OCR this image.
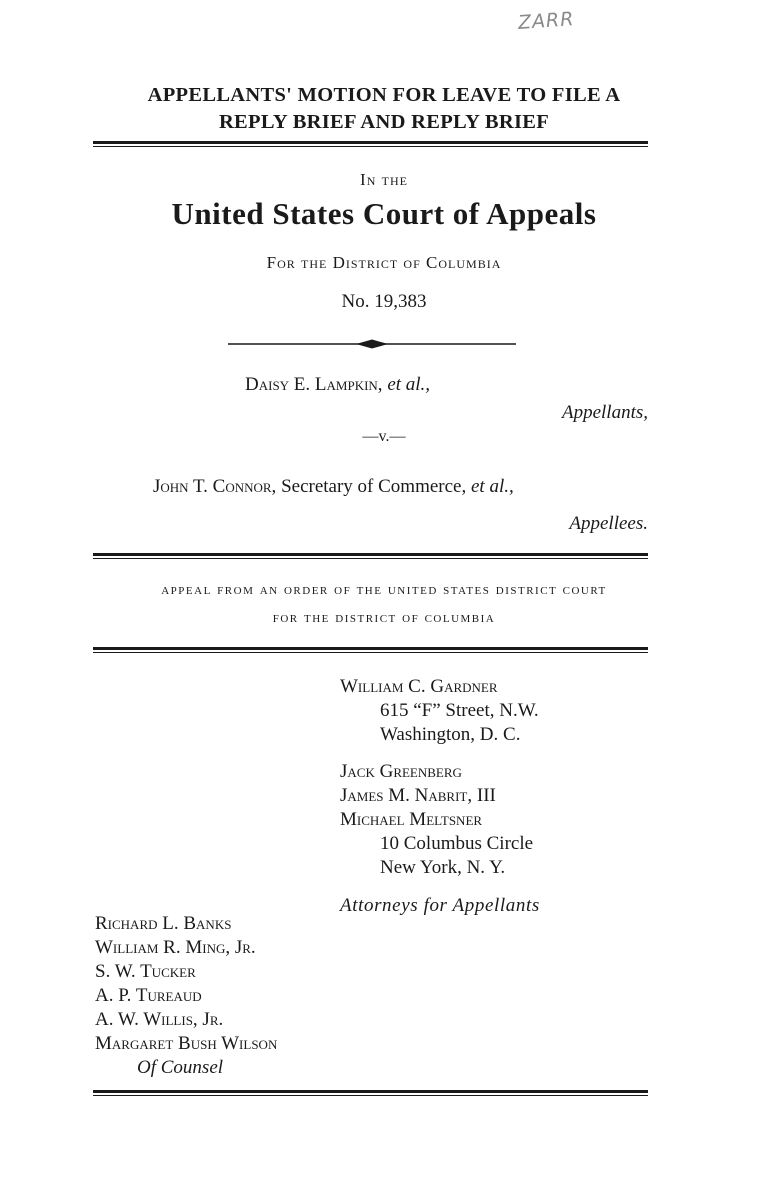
ZARR
APPELLANTS' MOTION FOR LEAVE TO FILE A
REPLY BRIEF AND REPLY BRIEF
In the
United States Court of Appeals
For the District of Columbia
No. 19,383
Daisy E. Lampkin, et al.,
Appellants,
—v.—
John T. Connor, Secretary of Commerce, et al.,
Appellees.
appeal from an order of the united states district court
for the district of columbia
William C. Gardner
615 “F” Street, N.W.
Washington, D. C.
Jack Greenberg
James M. Nabrit, III
Michael Meltsner
10 Columbus Circle
New York, N. Y.
Attorneys for Appellants
Richard L. Banks
William R. Ming, Jr.
S. W. Tucker
A. P. Tureaud
A. W. Willis, Jr.
Margaret Bush Wilson
Of Counsel
